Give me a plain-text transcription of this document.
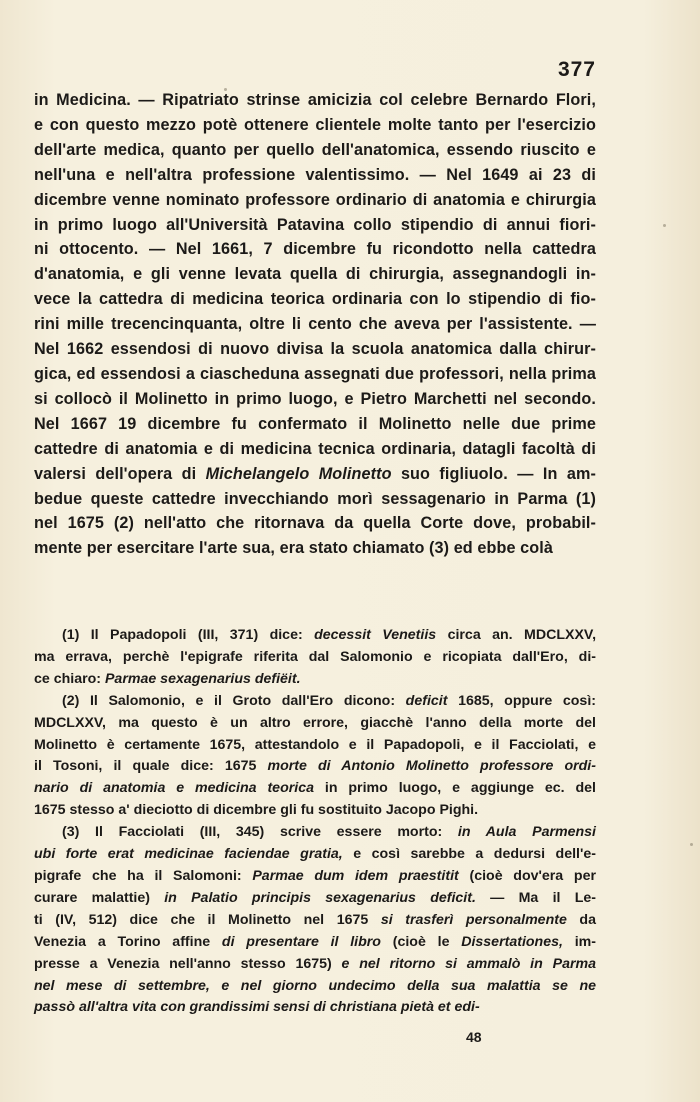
377
in Medicina. — Ripatriato strinse amicizia col celebre Bernardo Flori,
e con questo mezzo potè ottenere clientele molte tanto per l'esercizio
dell'arte medica, quanto per quello dell'anatomica, essendo riuscito e
nell'una e nell'altra professione valentissimo. — Nel 1649 ai 23 di
dicembre venne nominato professore ordinario di anatomia e chirurgia
in primo luogo all'Università Patavina collo stipendio di annui fiori-
ni ottocento. — Nel 1661, 7 dicembre fu ricondotto nella cattedra
d'anatomia, e gli venne levata quella di chirurgia, assegnandogli in-
vece la cattedra di medicina teorica ordinaria con lo stipendio di fio-
rini mille trecencinquanta, oltre li cento che aveva per l'assistente. —
Nel 1662 essendosi di nuovo divisa la scuola anatomica dalla chirur-
gica, ed essendosi a ciascheduna assegnati due professori, nella prima
si collocò il Molinetto in primo luogo, e Pietro Marchetti nel secondo.
Nel 1667 19 dicembre fu confermato il Molinetto nelle due prime
cattedre di anatomia e di medicina tecnica ordinaria, datagli facoltà di
valersi dell'opera di Michelangelo Molinetto suo figliuolo. — In am-
bedue queste cattedre invecchiando morì sessagenario in Parma (1)
nel 1675 (2) nell'atto che ritornava da quella Corte dove, probabil-
mente per esercitare l'arte sua, era stato chiamato (3) ed ebbe colà
(1) Il Papadopoli (III, 371) dice: decessit Venetiis circa an. MDCLXXV,
ma errava, perchè l'epigrafe riferita dal Salomonio e ricopiata dall'Ero, di-
ce chiaro: Parmae sexagenarius defiëit.
(2) Il Salomonio, e il Groto dall'Ero dicono: deficit 1685, oppure così:
MDCLXXV, ma questo è un altro errore, giacchè l'anno della morte del
Molinetto è certamente 1675, attestandolo e il Papadopoli, e il Facciolati, e
il Tosoni, il quale dice: 1675 morte di Antonio Molinetto professore ordi-
nario di anatomia e medicina teorica in primo luogo, e aggiunge ec. del
1675 stesso a' dieciotto di dicembre gli fu sostituito Jacopo Pighi.
(3) Il Facciolati (III, 345) scrive essere morto: in Aula Parmensi
ubi forte erat medicinae faciendae gratia, e così sarebbe a dedursi dell'e-
pigrafe che ha il Salomoni: Parmae dum idem praestitit (cioè dov'era per
curare malattie) in Palatio principis sexagenarius deficit. — Ma il Le-
ti (IV, 512) dice che il Molinetto nel 1675 si trasferì personalmente da
Venezia a Torino affine di presentare il libro (cioè le Dissertationes, im-
presse a Venezia nell'anno stesso 1675) e nel ritorno si ammalò in Parma
nel mese di settembre, e nel giorno undecimo della sua malattia se ne
passò all'altra vita con grandissimi sensi di christiana pietà et edi-
48
